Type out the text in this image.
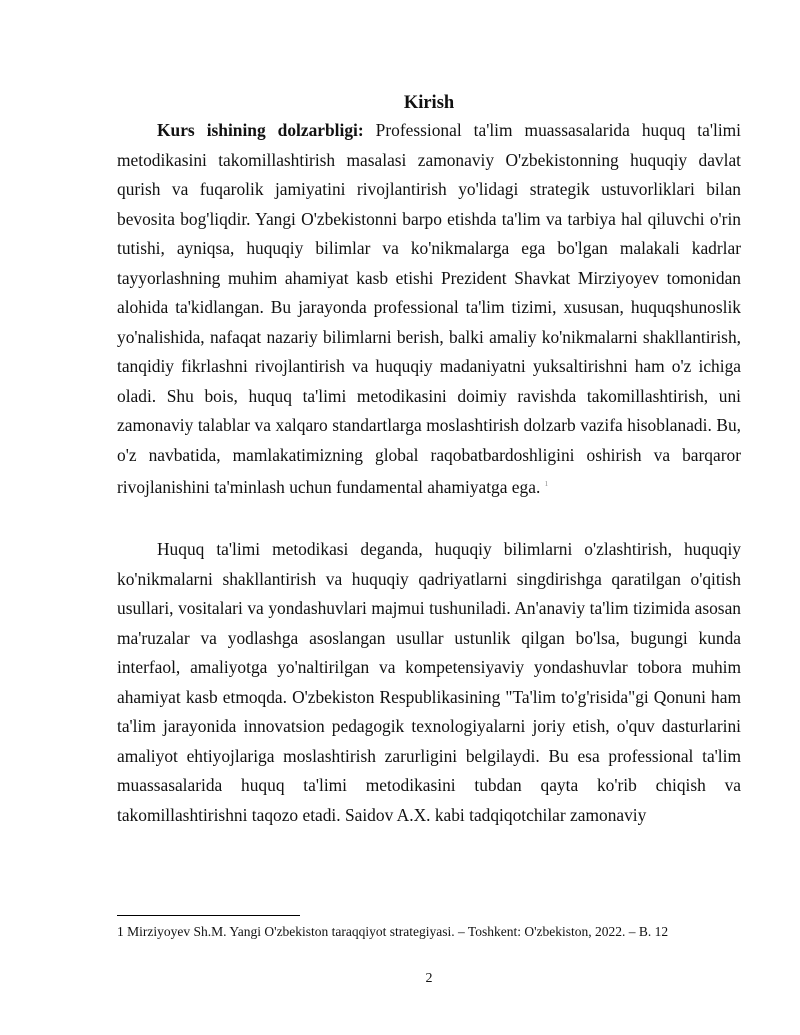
Kirish

Kurs ishining dolzarbligi: Professional ta'lim muassasalarida huquq ta'limi metodikasini takomillashtirish masalasi zamonaviy O'zbekistonning huquqiy davlat qurish va fuqarolik jamiyatini rivojlantirish yo'lidagi strategik ustuvorliklari bilan bevosita bog'liqdir. Yangi O'zbekistonni barpo etishda ta'lim va tarbiya hal qiluvchi o'rin tutishi, ayniqsa, huquqiy bilimlar va ko'nikmalarga ega bo'lgan malakali kadrlar tayyorlashning muhim ahamiyat kasb etishi Prezident Shavkat Mirziyoyev tomonidan alohida ta'kidlangan. Bu jarayonda professional ta'lim tizimi, xususan, huquqshunoslik yo'nalishida, nafaqat nazariy bilimlarni berish, balki amaliy ko'nikmalarni shakllantirish, tanqidiy fikrlashni rivojlantirish va huquqiy madaniyatni yuksaltirishni ham o'z ichiga oladi. Shu bois, huquq ta'limi metodikasini doimiy ravishda takomillashtirish, uni zamonaviy talablar va xalqaro standartlarga moslashtirish dolzarb vazifa hisoblanadi. Bu, o'z navbatida, mamlakatimizning global raqobatbardoshligini oshirish va barqaror rivojlanishini ta'minlash uchun fundamental ahamiyatga ega. $^1$

Huquq ta'limi metodikasi deganda, huquqiy bilimlarni o'zlashtirish, huquqiy ko'nikmalarni shakllantirish va huquqiy qadriyatlarni singdirishga qaratilgan o'qitish usullari, vositalari va yondashuvlari majmui tushuniladi. An'anaviy ta'lim tizimida asosan ma'ruzalar va yodlashga asoslangan usullar ustunlik qilgan bo'lsa, bugungi kunda interfaol, amaliyotga yo'naltirilgan va kompetensiyaviy yondashuvlar tobora muhim ahamiyat kasb etmoqda. O'zbekiston Respublikasining "Ta'lim to'g'risida"gi Qonuni ham ta'lim jarayonida innovatsion pedagogik texnologiyalarni joriy etish, o'quv dasturlarini amaliyot ehtiyojlariga moslashtirish zarurligini belgilaydi. Bu esa professional ta'lim muassasalarida huquq ta'limi metodikasini tubdan qayta ko'rib chiqish va takomillashtirishni taqozo etadi. Saidov A.X. kabi tadqiqotchilar zamonaviy

1 Mirziyoyev Sh.M. Yangi O'zbekiston taraqqiyot strategiyasi. – Toshkent: O'zbekiston, 2022. – B. 12
2
